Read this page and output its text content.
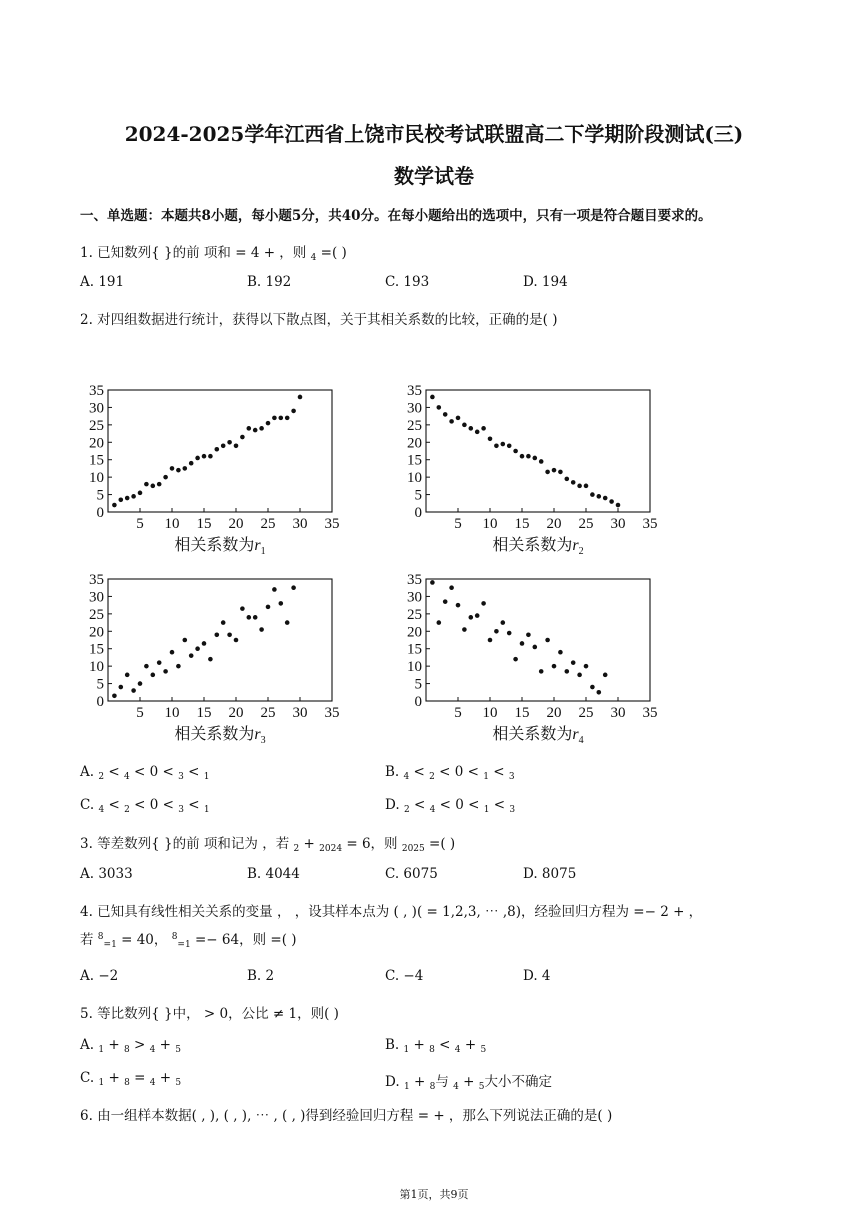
2024-2025学年江西省上饶市民校考试联盟高二下学期阶段测试(三)
数学试卷
一、单选题：本题共8小题，每小题5分，共40分。在每小题给出的选项中，只有一项是符合题目要求的。
1. 已知数列{ }的前 项和 = 4 + ，则 $_4$ =( )
A. 191	B. 192	C. 193	D. 194
2. 对四组数据进行统计，获得以下散点图，关于其相关系数的比较，正确的是( )
0
5
10
15
20
25
30
35
5 10 15 20 25 30 35
相关系数为$r_1$
0
5
10
15
20
25
30
35
5 10 15 20 25 30 35
相关系数为$r_2$
0
5
10
15
20
25
30
35
5 10 15 20 25 30 35
相关系数为$r_3$
0
5
10
15
20
25
30
35
5 10 15 20 25 30 35
相关系数为$r_4$
A. $_2$ < $_4$ < 0 < $_3$ < $_1$	B. $_4$ < $_2$ < 0 < $_1$ < $_3$
C. $_4$ < $_2$ < 0 < $_3$ < $_1$	D. $_2$ < $_4$ < 0 < $_1$ < $_3$
3. 等差数列{ }的前 项和记为 ，若 $_2$ + $_{2024}$ = 6，则 $_{2025}$ =( )
A. 3033	B. 4044	C. 6075	D. 8075
4. 已知具有线性相关关系的变量 ， ，设其样本点为 ( , )( = 1,2,3, ⋯ ,8)，经验回归方程为 =− 2 + ，
若 $^8_{=1}$ = 40， $^8_{=1}$ =− 64，则 =( )
A. −2	B. 2	C. −4	D. 4
5. 等比数列{ }中， > 0，公比 ≠ 1，则( )
A. $_1$ + $_8$ > $_4$ + $_5$	B. $_1$ + $_8$ < $_4$ + $_5$
C. $_1$ + $_8$ = $_4$ + $_5$	D. $_1$ + $_8$与 $_4$ + $_5$大小不确定
6. 由一组样本数据( , ), ( , ), ⋯ , ( , )得到经验回归方程 = + ，那么下列说法正确的是( )
第1页，共9页
